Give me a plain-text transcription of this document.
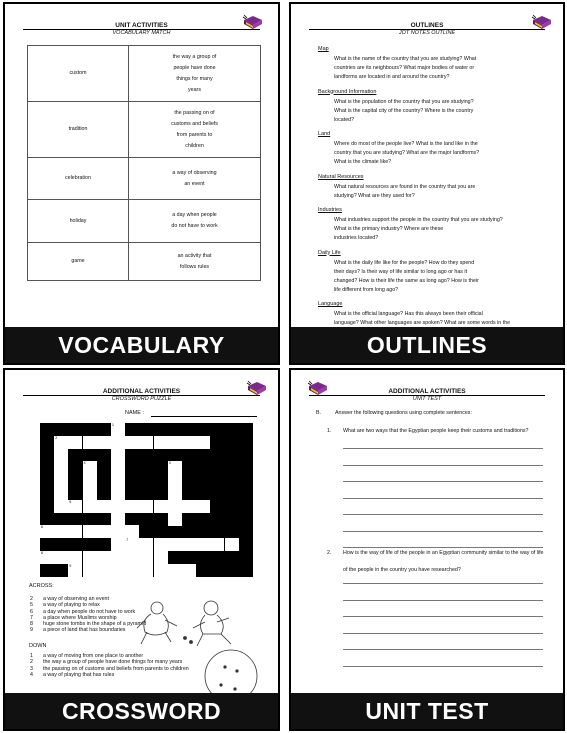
UNIT ACTIVITIES
VOCABULARY MATCH
custom	the way a group of
people have done
things for many
years

tradition	the passing on of
customs and beliefs
from parents to
children

celebration	a way of observing
an event

holiday	a day when people
do not have to work

game	an activity that
follows rules
VOCABULARY
OUTLINES
JOT NOTES OUTLINE
Map
What is the name of the country that you are studying? What
countries are its neighbours? What major bodies of water or
landforms are located in and around the country?
Background Information
What is the population of the country that you are studying?
What is the capital city of the country? Where is the country
located?
Land
Where do most of the people live? What is the land like in the
country that you are studying? What are the major landforms?
What is the climate like?
Natural Resources
What natural resources are found in the country that you are
studying? What are they used for?
Industries
What industries support the people in the country that you are studying?
What is the primary industry? Where are these
industries located?
Daily Life
What is the daily life like for the people? How do they spend
their days? Is their way of life similar to long ago or has it
changed? How is their life the same as long ago? How is their
life different from long ago?
Language
What is the official language? Has this always been their official
language? What other languages are spoken? What are some words in the
OUTLINES
ADDITIONAL ACTIVITIES
CROSSWORD PUZZLE
NAME :
1
2
3
4
5
6
7
8
9
ACROSS:
2 a way of observing an event
5 a way of playing to relax
6 a day when people do not have to work
7 a place where Muslims worship
8 huge stone tombs in the shape of a pyramid
9 a piece of land that has boundaries
DOWN
1 a way of moving from one place to another
2 the way a group of people have done things for many years
3 the passing on of customs and beliefs from parents to children
4 a way of playing that has rules
CROSSWORD
ADDITIONAL ACTIVITIES
UNIT TEST
B.	Answer the following questions using complete sentences:
1. What are two ways that the Egyptian people keep their customs and traditions?
2. How is the way of life of the people in an Egyptian community similar to the way of life
of the people in the country you have researched?
UNIT TEST
